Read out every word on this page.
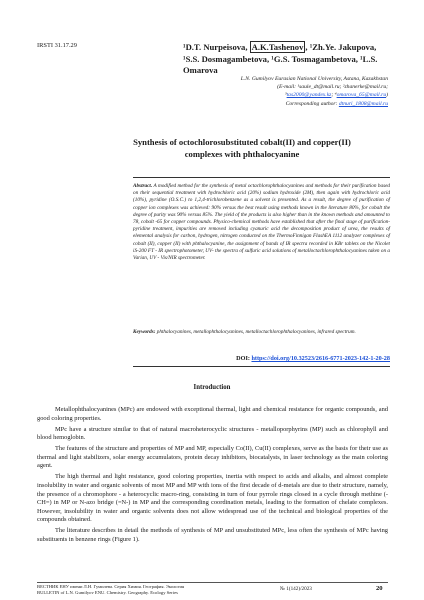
IRSTI 31.17.29	¹D.T. Nurpeisova, A.K.Tashenov , ¹Zh.Ye. Jakupova,
¹S.S. Dosmagambetova, ¹G.S. Tosmagambetova, ¹L.S. Omarova
L.N. Gumilyov Eurasian National University, Astana, Kazakhstan
(E-mail: ¹saule_dt@mail.ru; ²zhanerke@mail.ru;
³tas2000@yandex.kz; ⁴omarova_65@mail.ru)
Corresponding author: dtnuri_1808@mail.ru
Synthesis of octochlorosubstituted cobalt(II) and copper(II)
complexes with phthalocyanine
Abstract. A modified method for the synthesis of metal octachlorophthalocyanines and methods for their purification based on their sequential treatment with hydrochloric acid (20%) sodium hydroxide (2M), then again with hydrochloric acid (10%), pyridine (O.S.C.) to 1,2,4-trichlorobenzene as a solvent is presented. As a result, the degree of purification of copper ion complexes was achieved: 90% versus the best result using methods known in the literature 80%, for cobalt the degree of purity was 90% versus 85%. The yield of the products is also higher than in the known methods and amounted to 78, cobalt -65 for copper compounds. Physico-chemical methods have established that after the final stage of purification-pyridine treatment, impurities are removed including cyanuric acid the decomposition product of urea, the results of elemental analysis for carbon, hydrogen, nitrogen conducted on the ThermoFinnigan FlashEA 1112 analyzer complexes of cobalt (II), copper (II) with phthalocyanine, the assignment of bands of IR spectra recorded in KBr tablets on the Nicolet iS-200 FT - IR spectrophotometer, UV- the spectra of sulfuric acid solutions of metalloctachlorophthalocyanines taken on a Varian, UV - Vis/NIR spectrometer.
Keywords: phthalocyanines, metallophthalocyanines, metalloctachlorophthalocyanines, infrared spectrum.
DOI: https://doi.org/10.32523/2616-6771-2023-142-1-20-28
Introduction

Metallophthalocyanines (MPc) are endowed with exceptional thermal, light and chemical resistance for organic compounds, and good coloring properties.

MPc have a structure similar to that of natural macroheterocyclic structures - metalloporphyrins (MP) such as chlorophyll and blood hemoglobin.

The features of the structure and properties of MP and MP, especially Co(II), Cu(II) complexes, serve as the basis for their use as thermal and light stabilizers, solar energy accumulators, protein decay inhibitors, biocatalysts, in laser technology as the main coloring agent.

The high thermal and light resistance, good coloring properties, inertia with respect to acids and alkalis, and almost complete insolubility in water and organic solvents of most MP and MP with ions of the first decade of d-metals are due to their structure, namely, the presence of a chromophore - a heterocyclic macro-ring, consisting in turn of four pyrrole rings closed in a cycle through methine (-CH=) in MP or N-azo bridge (=N-) in MP and the corresponding coordination metals, leading to the formation of chelate complexes. However, insolubility in water and organic solvents does not allow widespread use of the technical and biological properties of the compounds obtained.

The literature describes in detail the methods of synthesis of MP and unsubstituted MPc, less often the synthesis of MPc having substituents in benzene rings (Figure 1).

ВЕСТНИК ЕНУ имени Л.Н. Гумилева. Серия Химия. География. Экология
BULLETIN of L.N. Gumilyov ENU. Chemistry. Geography. Ecology Series
№ 1(142)/2023	20
